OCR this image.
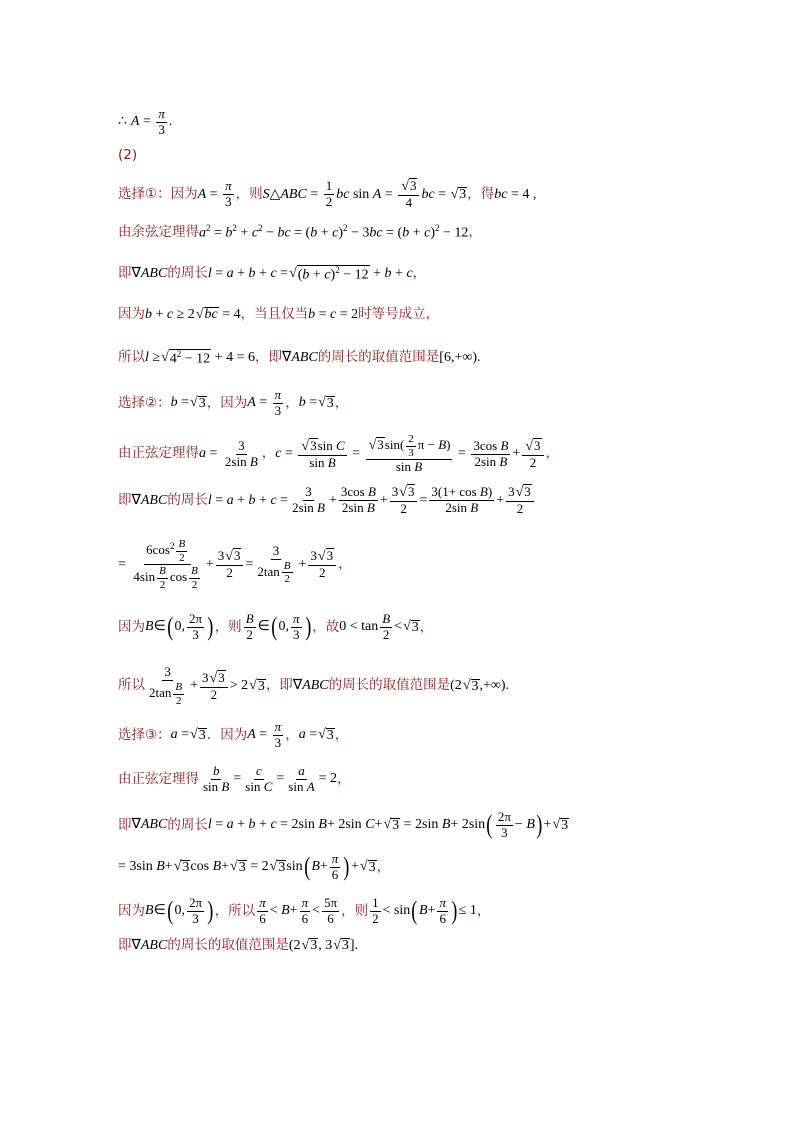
∴ $A = \frac{\pi}{3}$ .
(2)
选择①：因为 $A = \frac{\pi}{3}$ ，则 S △ABC = $\frac{1}{2}$ bc $\sin A = \frac{√3}{4}$ bc = √ 3 ，得 bc = 4 ,
由余弦定理得 $a^2 = b^2 + c^2$ − bc = $(b + c)^2 - 3bc = (b + c)^2 - 12$ ，
即 ∇ABC 的周长 l = a + b + c = √ $(b + c)^2 - 12 + b + c$ ，
因为 b + c ≥ 2 √ bc = 4 ，当且仅当 b = c = 2 时等号成立，
所以 l ≥ √ $4^2 - 12 + 4 = 6$ ，即 ∇ABC 的周长的取值范围是 [6,+∞) .
选择②： b = √ 3 ，因为 $A = \frac{\pi}{3}$ ， b = √ 3 ，
由正弦定理得 $a = \frac{3}{\text{2sin B}}$ ， $c = \frac{\text{√3sin C}}{\text{sin B}} = \frac{√3\sin( \frac{2}{3} \pi - B)}{\text{sin B}} = \frac{\text{3cos B}}{\text{2sin B}} + \frac{√3}{2}$ ，
即 ∇ABC 的周长 $l = a + b + c = \frac{3}{\text{2sin B}} + \frac{\text{3cos B}}{\text{2sin B}} + \frac{3√3}{2} = \frac{\text{3(1+ cos B)}}{\text{2sin B}} + \frac{3√3}{2}$
= $\frac{6\cos^2 \frac{B}{2}}{4\sin \frac{B}{2} \cos \frac{B}{2}} + \frac{3√3}{2} = \frac{3}{2\tan \frac{B}{2}} + \frac{3√3}{2}$ ，
因为 B ∈ ( 0, $\frac{2\pi}{3}$ ) ，则 $\frac{B}{2}$ ∈ ( 0, $\frac{\pi}{3}$ ) ，故 $0 < \tan \frac{B}{2}$ < √ 3 ，
所以 $\frac{3}{2\tan \frac{B}{2}} + \frac{3√3}{2} > 2$ √ 3 ，即 ∇ABC 的周长的取值范围是 (2 √ 3 ,+∞) .
选择③： a = √ 3 ．因为 $A = \frac{\pi}{3}$ ， a = √ 3 ，
由正弦定理得 $\frac{b}{\text{sin B}} = \frac{c}{\text{sin C}} = \frac{a}{\text{sin A}} = 2$ ，
即 ∇ABC 的周长 l = a + b + c = 2sin B+ 2sin C+ √ 3 = 2sin B+ 2sin ( $\frac{2\pi}{3} - B$ ) + √ 3
= 3sin B+ √ 3 cos B+ √ 3 = 2 √ 3 sin ( $B + \frac{\pi}{6}$ ) + √ 3 ，
因为 B ∈ ( 0, $\frac{2\pi}{3}$ ) ，所以 $\frac{\pi}{6} < B+ \frac{\pi}{6} < \frac{5\pi}{6}$ ，则 $\frac{1}{2} < \sin$ ( $B + \frac{\pi}{6}$ ) ≤ 1 ，
即 ∇ABC 的周长的取值范围是 (2 √ 3 , 3 √ 3 ] .
